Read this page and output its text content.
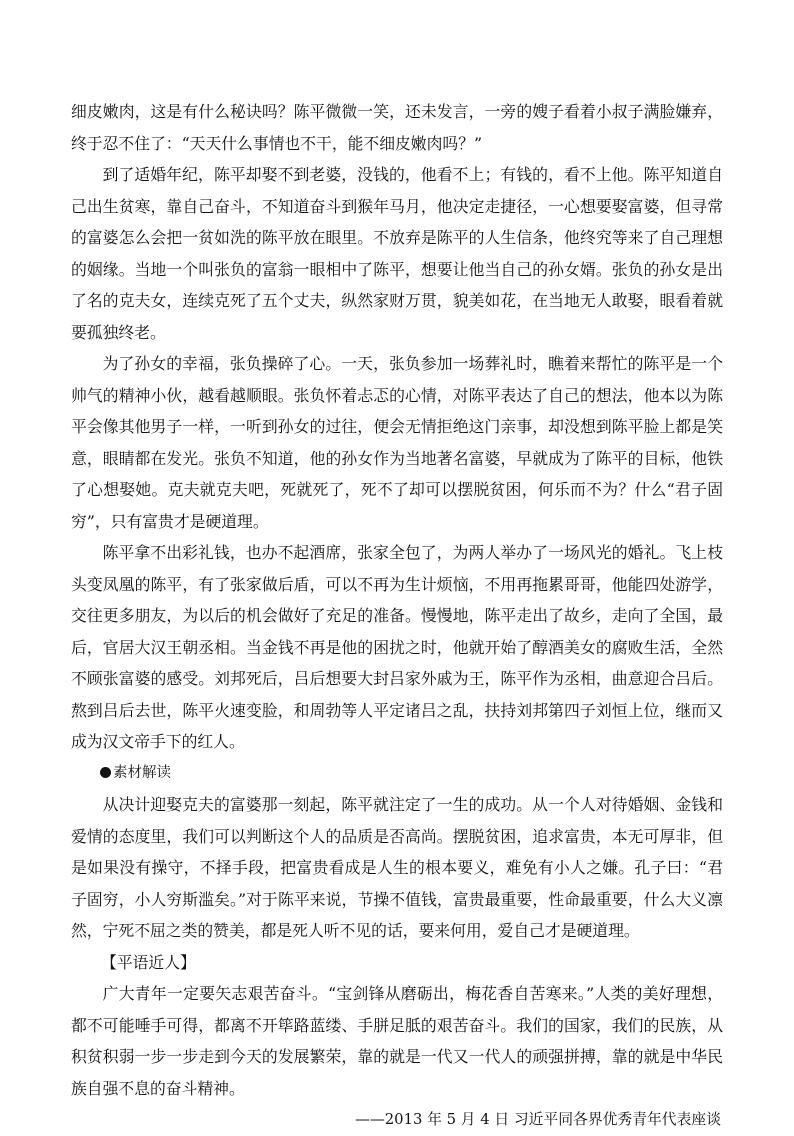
细皮嫩肉，这是有什么秘诀吗？陈平微微一笑，还未发言，一旁的嫂子看着小叔子满脸嫌弃，终于忍不住了：“天天什么事情也不干，能不细皮嫩肉吗？”

到了适婚年纪，陈平却娶不到老婆，没钱的，他看不上；有钱的，看不上他。陈平知道自己出生贫寒，靠自己奋斗，不知道奋斗到猴年马月，他决定走捷径，一心想要娶富婆，但寻常的富婆怎么会把一贫如洗的陈平放在眼里。不放弃是陈平的人生信条，他终究等来了自己理想的姻缘。当地一个叫张负的富翁一眼相中了陈平，想要让他当自己的孙女婿。张负的孙女是出了名的克夫女，连续克死了五个丈夫，纵然家财万贯，貌美如花，在当地无人敢娶，眼看着就要孤独终老。

为了孙女的幸福，张负操碎了心。一天，张负参加一场葬礼时，瞧着来帮忙的陈平是一个帅气的精神小伙，越看越顺眼。张负怀着忐忑的心情，对陈平表达了自己的想法，他本以为陈平会像其他男子一样，一听到孙女的过往，便会无情拒绝这门亲事，却没想到陈平脸上都是笑意，眼睛都在发光。张负不知道，他的孙女作为当地著名富婆，早就成为了陈平的目标，他铁了心想娶她。克夫就克夫吧，死就死了，死不了却可以摆脱贫困，何乐而不为？什么“君子固穷”，只有富贵才是硬道理。

陈平拿不出彩礼钱，也办不起酒席，张家全包了，为两人举办了一场风光的婚礼。飞上枝头变凤凰的陈平，有了张家做后盾，可以不再为生计烦恼，不用再拖累哥哥，他能四处游学，交往更多朋友，为以后的机会做好了充足的准备。慢慢地，陈平走出了故乡，走向了全国，最后，官居大汉王朝丞相。当金钱不再是他的困扰之时，他就开始了醇酒美女的腐败生活，全然不顾张富婆的感受。刘邦死后，吕后想要大封吕家外戚为王，陈平作为丞相，曲意迎合吕后。熬到吕后去世，陈平火速变脸，和周勃等人平定诸吕之乱，扶持刘邦第四子刘恒上位，继而又成为汉文帝手下的红人。

素材解读

从决计迎娶克夫的富婆那一刻起，陈平就注定了一生的成功。从一个人对待婚姻、金钱和爱情的态度里，我们可以判断这个人的品质是否高尚。摆脱贫困，追求富贵，本无可厚非，但是如果没有操守，不择手段，把富贵看成是人生的根本要义，难免有小人之嫌。孔子曰：“君子固穷，小人穷斯滥矣。”对于陈平来说，节操不值钱，富贵最重要，性命最重要，什么大义凛然，宁死不屈之类的赞美，都是死人听不见的话，要来何用，爱自己才是硬道理。

【平语近人】

广大青年一定要矢志艰苦奋斗。“宝剑锋从磨砺出，梅花香自苦寒来。”人类的美好理想，都不可能唾手可得，都离不开筚路蓝缕、手胼足胝的艰苦奋斗。我们的国家，我们的民族，从积贫积弱一步一步走到今天的发展繁荣，靠的就是一代又一代人的顽强拼搏，靠的就是中华民族自强不息的奋斗精神。

——2013 年 5 月 4 日 习近平同各界优秀青年代表座谈
